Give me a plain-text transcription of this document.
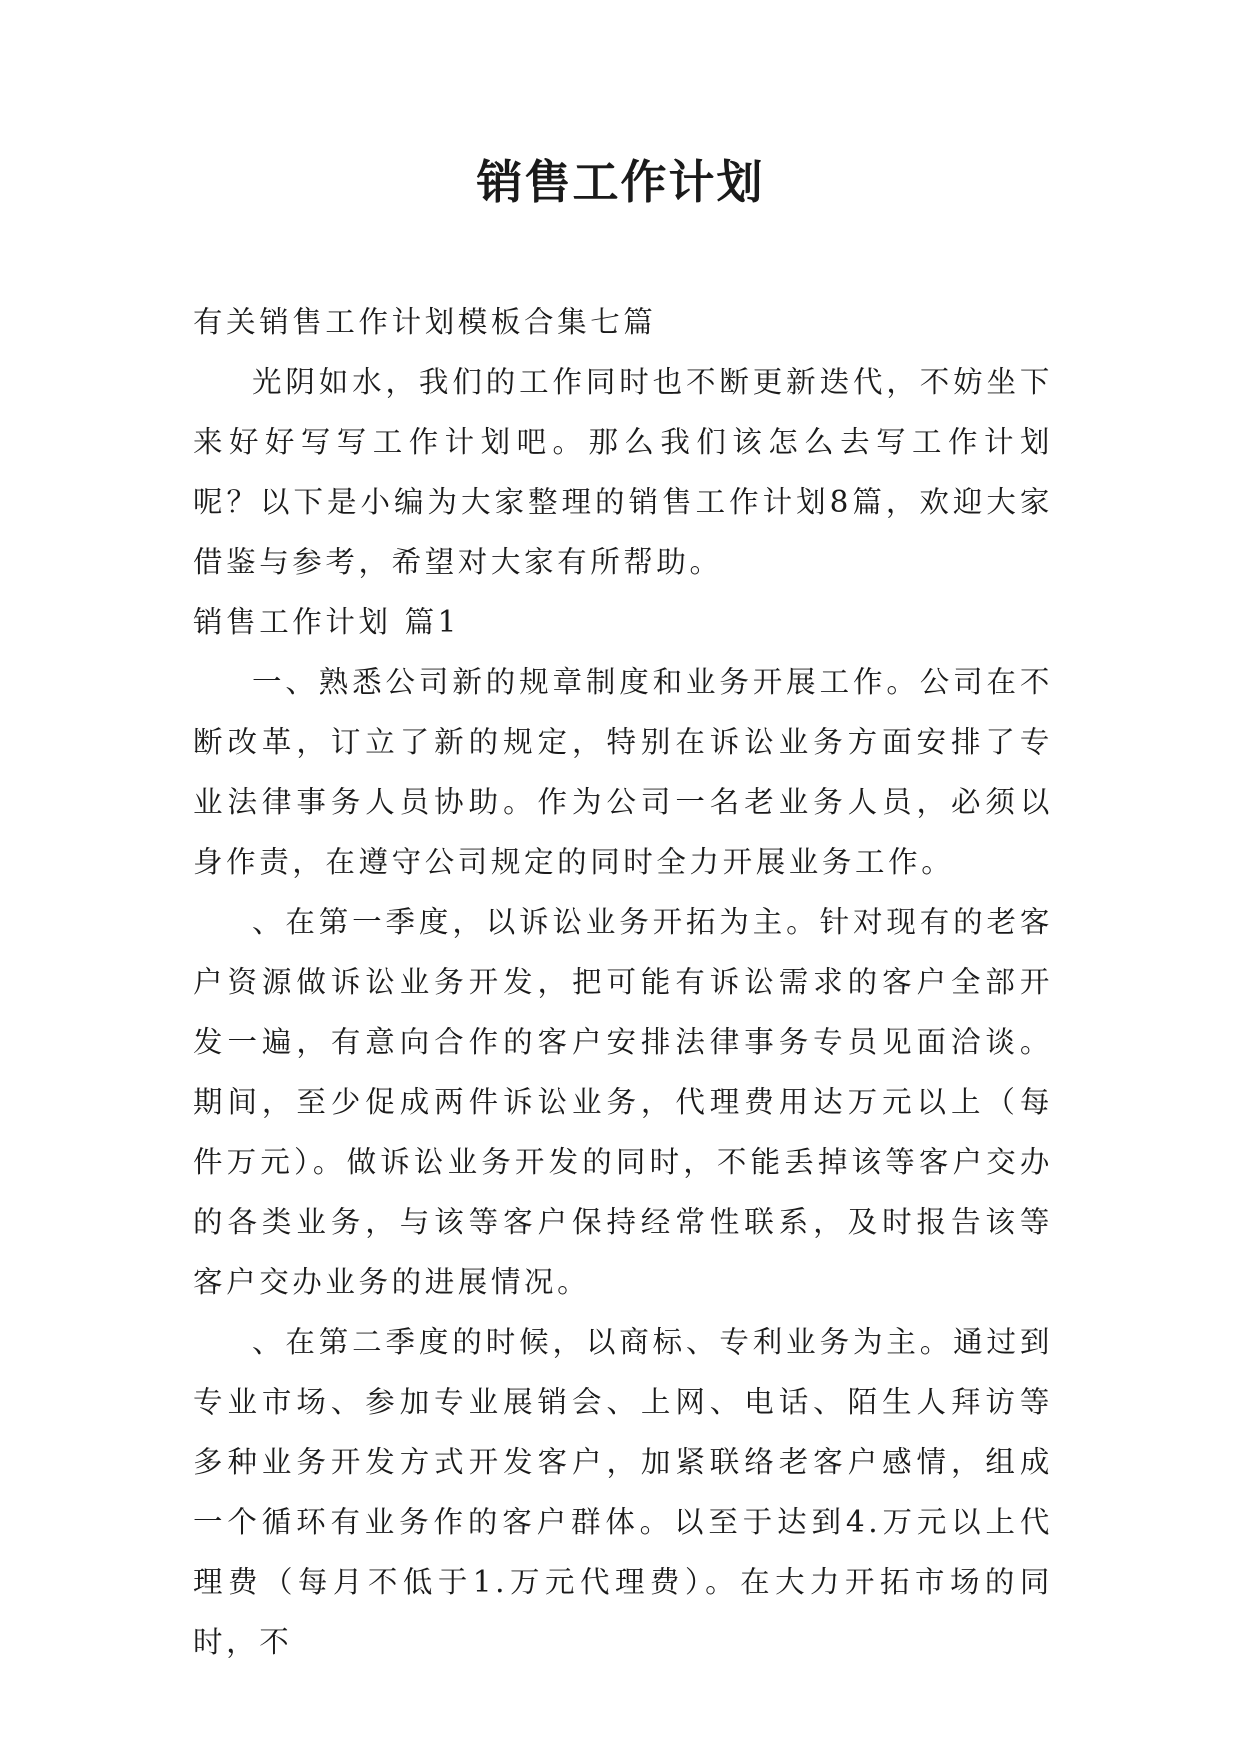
销售工作计划

有关销售工作计划模板合集七篇

光阴如水，我们的工作同时也不断更新迭代，不妨坐下来好好写写工作计划吧。那么我们该怎么去写工作计划呢？以下是小编为大家整理的销售工作计划8篇，欢迎大家借鉴与参考，希望对大家有所帮助。

销售工作计划 篇1

一、熟悉公司新的规章制度和业务开展工作。公司在不断改革，订立了新的规定，特别在诉讼业务方面安排了专业法律事务人员协助。作为公司一名老业务人员，必须以身作责，在遵守公司规定的同时全力开展业务工作。

、在第一季度，以诉讼业务开拓为主。针对现有的老客户资源做诉讼业务开发，把可能有诉讼需求的客户全部开发一遍，有意向合作的客户安排法律事务专员见面洽谈。期间，至少促成两件诉讼业务，代理费用达万元以上（每件万元）。做诉讼业务开发的同时，不能丢掉该等客户交办的各类业务，与该等客户保持经常性联系，及时报告该等客户交办业务的进展情况。

、在第二季度的时候，以商标、专利业务为主。通过到专业市场、参加专业展销会、上网、电话、陌生人拜访等多种业务开发方式开发客户，加紧联络老客户感情，组成一个循环有业务作的客户群体。以至于达到4.万元以上代理费（每月不低于1.万元代理费）。在大力开拓市场的同时，不
